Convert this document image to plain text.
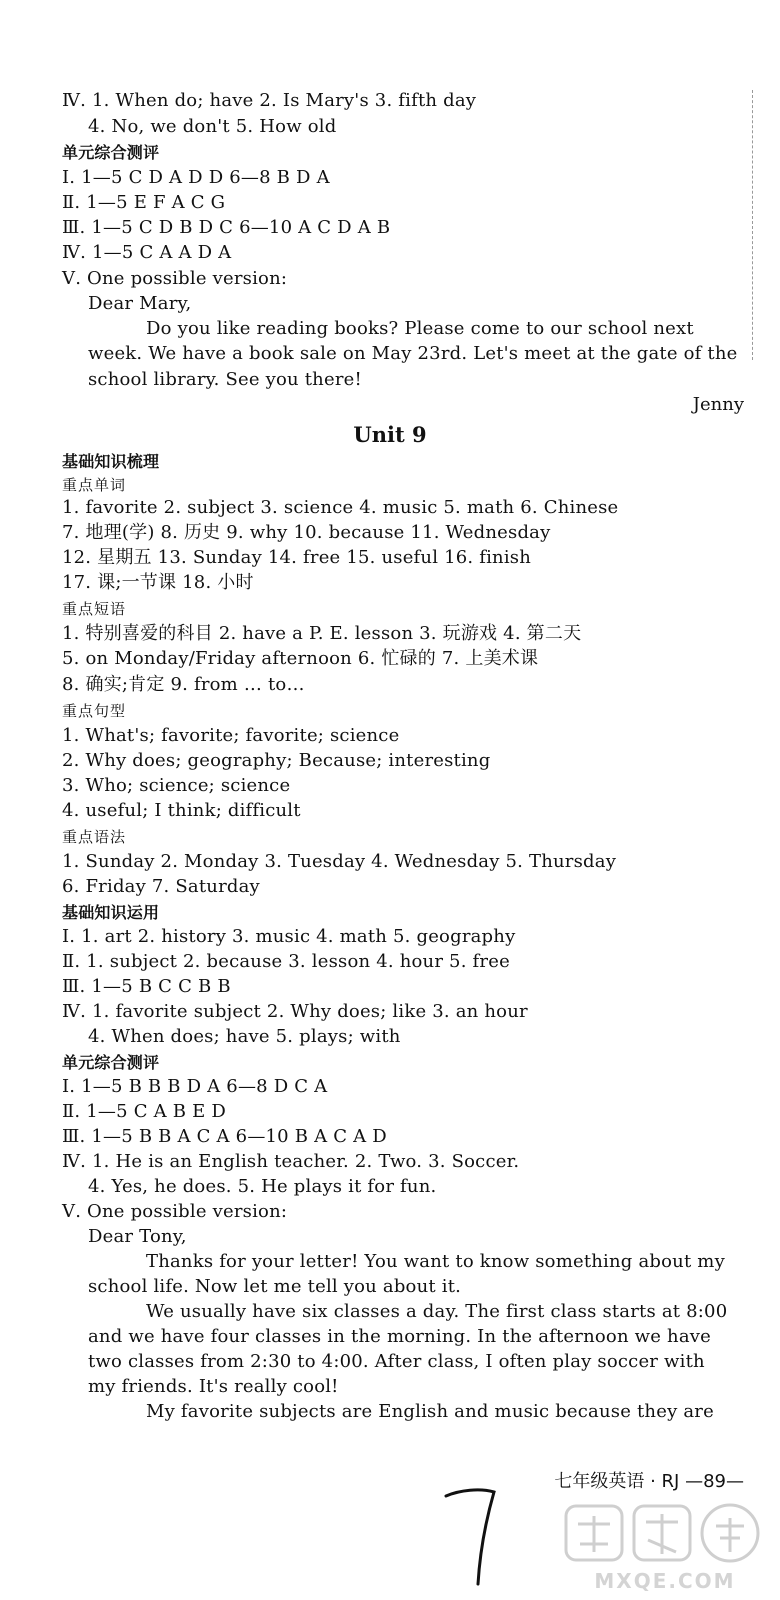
Ⅳ. 1. When do; have 2. Is Mary's 3. fifth day

4. No, we don't 5. How old

单元综合测评

Ⅰ. 1—5 C D A D D 6—8 B D A

Ⅱ. 1—5 E F A C G

Ⅲ. 1—5 C D B D C 6—10 A C D A B

Ⅳ. 1—5 C A A D A

Ⅴ. One possible version:

Dear Mary,

Do you like reading books? Please come to our school next

week. We have a book sale on May 23rd. Let's meet at the gate of the

school library. See you there!

Jenny

Unit 9

基础知识梳理

重点单词

1. favorite 2. subject 3. science 4. music 5. math 6. Chinese

7. 地理(学) 8. 历史 9. why 10. because 11. Wednesday

12. 星期五 13. Sunday 14. free 15. useful 16. finish

17. 课;一节课 18. 小时

重点短语

1. 特别喜爱的科目 2. have a P. E. lesson 3. 玩游戏 4. 第二天

5. on Monday/Friday afternoon 6. 忙碌的 7. 上美术课

8. 确实;肯定 9. from … to…

重点句型

1. What's; favorite; favorite; science

2. Why does; geography; Because; interesting

3. Who; science; science

4. useful; I think; difficult

重点语法

1. Sunday 2. Monday 3. Tuesday 4. Wednesday 5. Thursday

6. Friday 7. Saturday

基础知识运用

Ⅰ. 1. art 2. history 3. music 4. math 5. geography

Ⅱ. 1. subject 2. because 3. lesson 4. hour 5. free

Ⅲ. 1—5 B C C B B

Ⅳ. 1. favorite subject 2. Why does; like 3. an hour

4. When does; have 5. plays; with

单元综合测评

Ⅰ. 1—5 B B B D A 6—8 D C A

Ⅱ. 1—5 C A B E D

Ⅲ. 1—5 B B A C A 6—10 B A C A D

Ⅳ. 1. He is an English teacher. 2. Two. 3. Soccer.

4. Yes, he does. 5. He plays it for fun.

Ⅴ. One possible version:

Dear Tony,

Thanks for your letter! You want to know something about my

school life. Now let me tell you about it.

We usually have six classes a day. The first class starts at 8:00

and we have four classes in the morning. In the afternoon we have

two classes from 2:30 to 4:00. After class, I often play soccer with

my friends. It's really cool!

My favorite subjects are English and music because they are

七年级英语 · RJ —89—

MXQE.COM
